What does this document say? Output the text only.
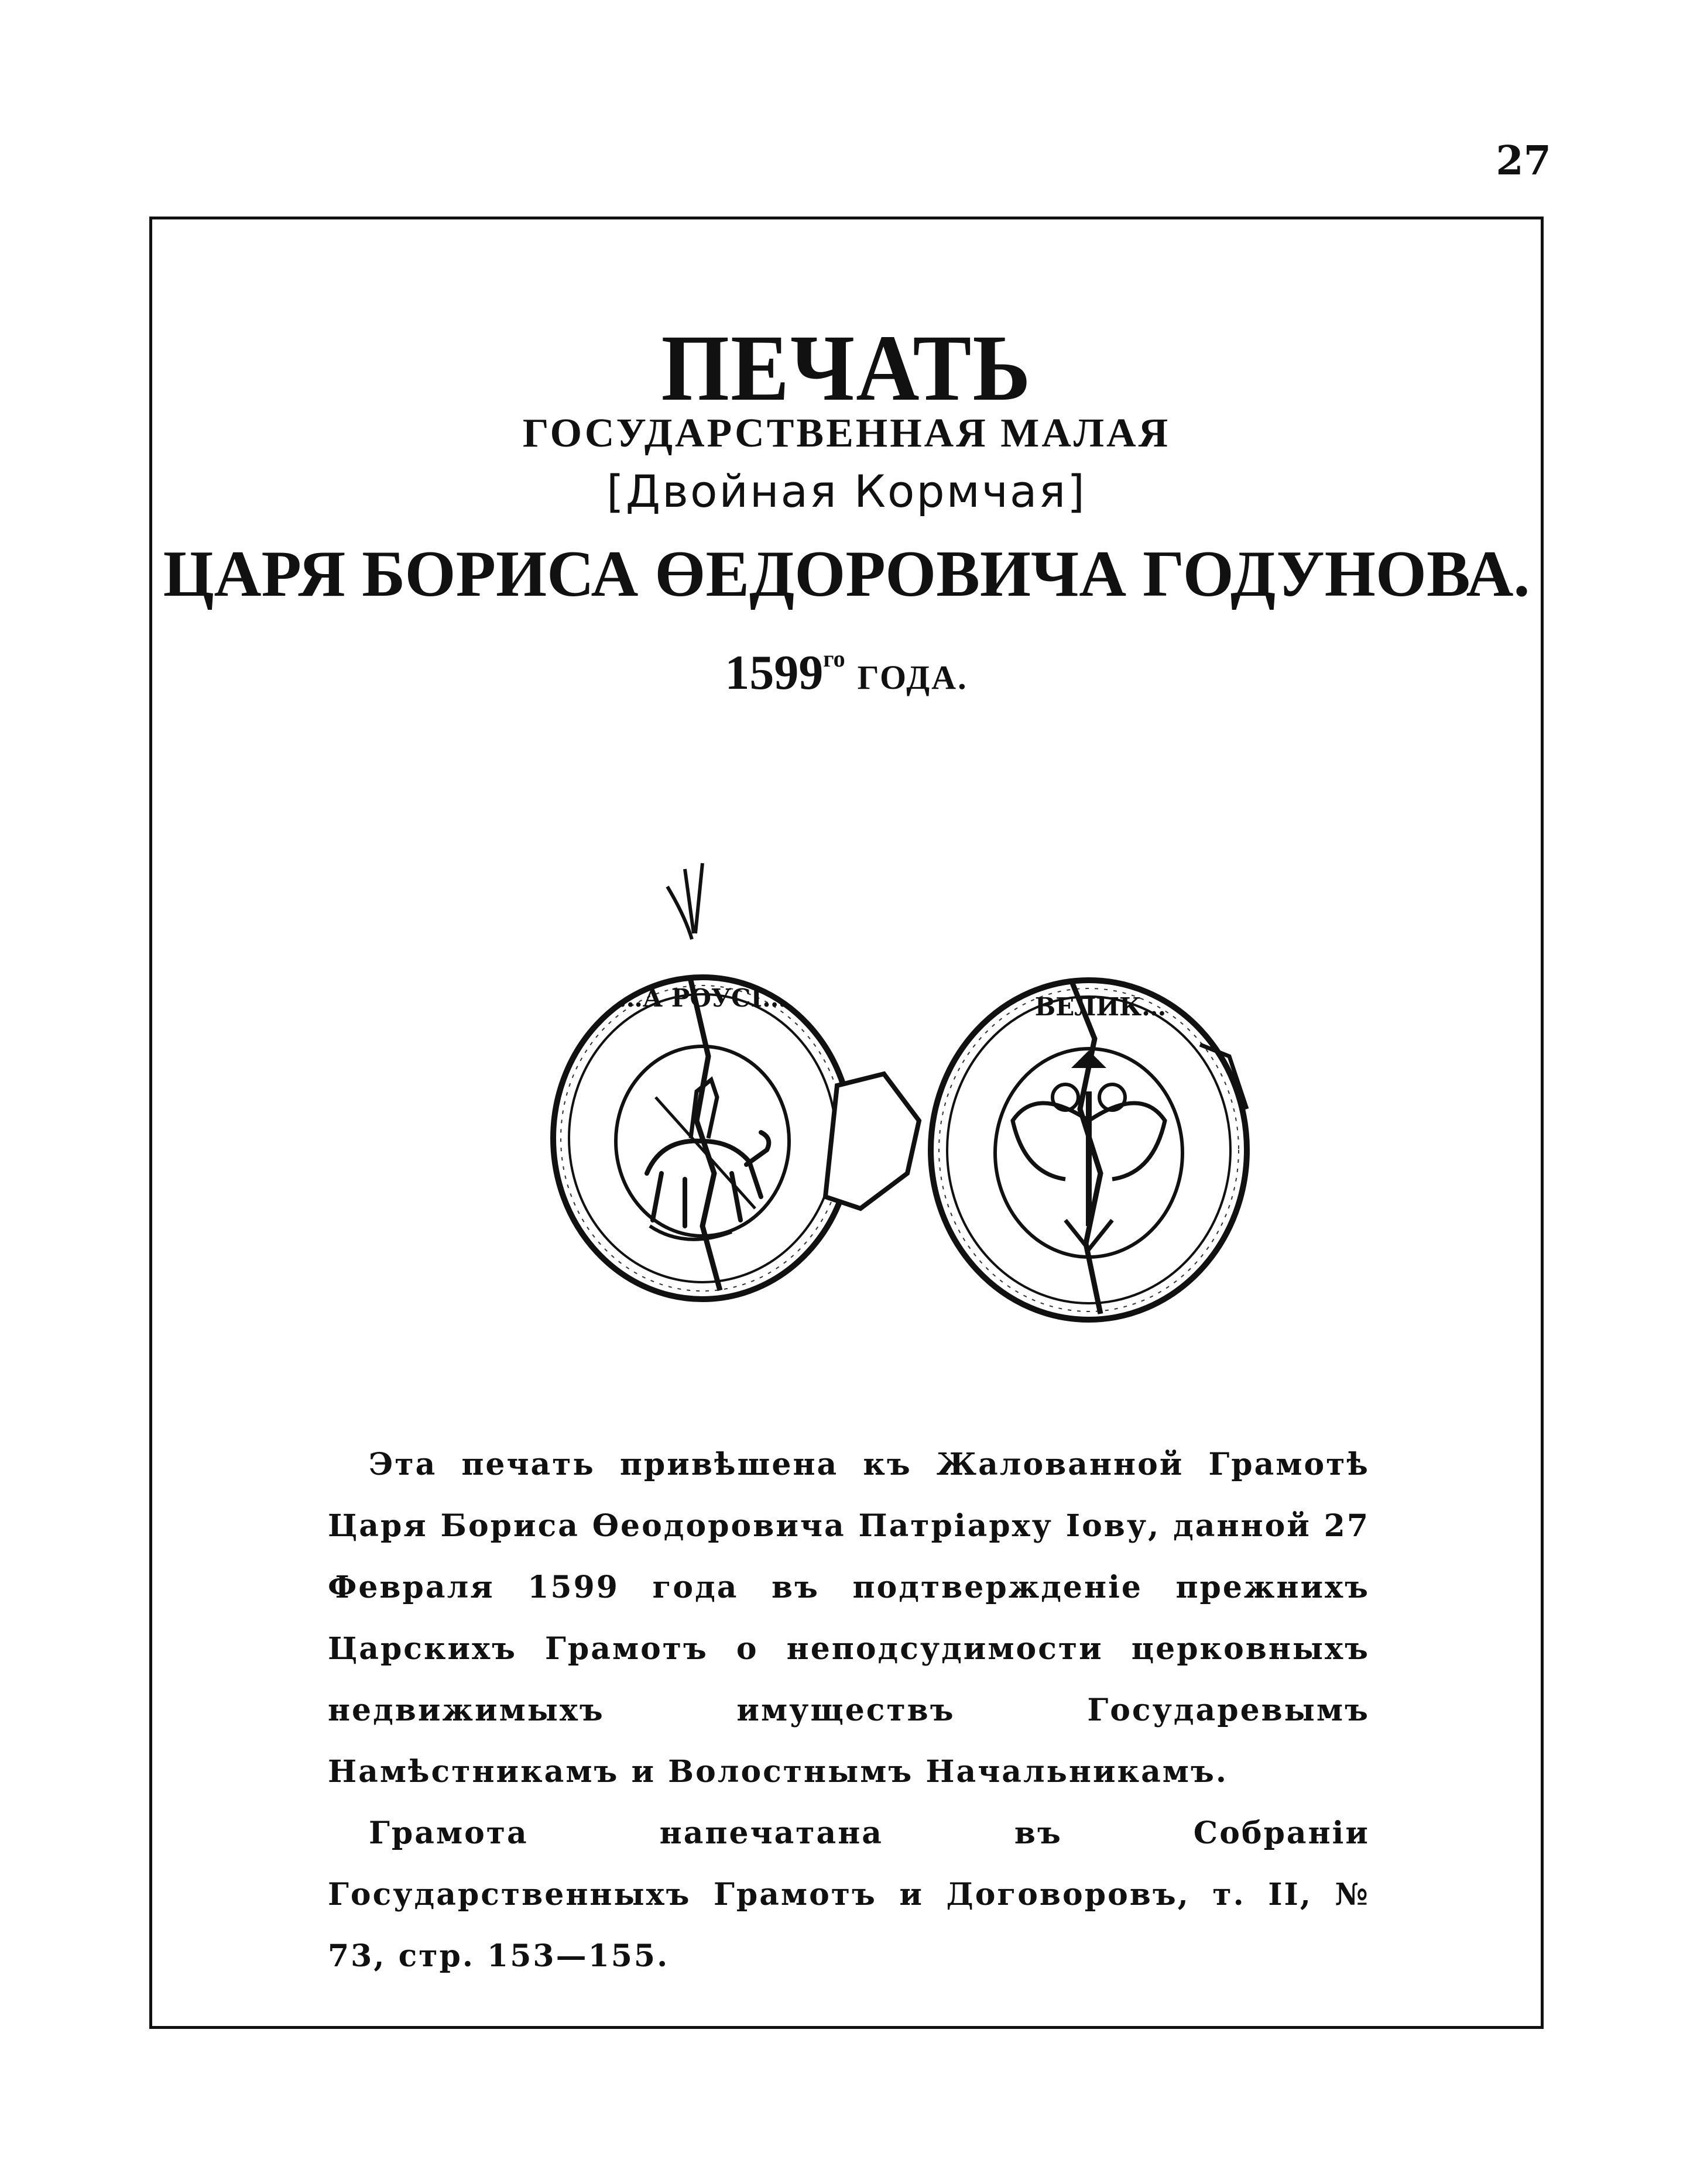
27
ПЕЧАТЬ
ГОСУДАРСТВЕННАЯ МАЛАЯ
[Двойная Кормчая]
ЦАРЯ БОРИСА ӨЕДОРОВИЧА ГОДУНОВА.
$1599^{го}$ ГОДА.
…А РОУСI…	ВЕЛИК…

Эта печать привѣшена къ Жалованной Грамотѣ Царя Бориса Өеодоровича Патріарху Іову, данной 27 Февраля 1599 года въ подтвержденіе прежнихъ Царскихъ Грамотъ о неподсудимости церковныхъ недвижимыхъ имуществъ Государевымъ Намѣстникамъ и Волостнымъ Начальникамъ.

Грамота напечатана въ Собраніи Государственныхъ Грамотъ и Договоровъ, т. II, № 73, стр. 153—155.
